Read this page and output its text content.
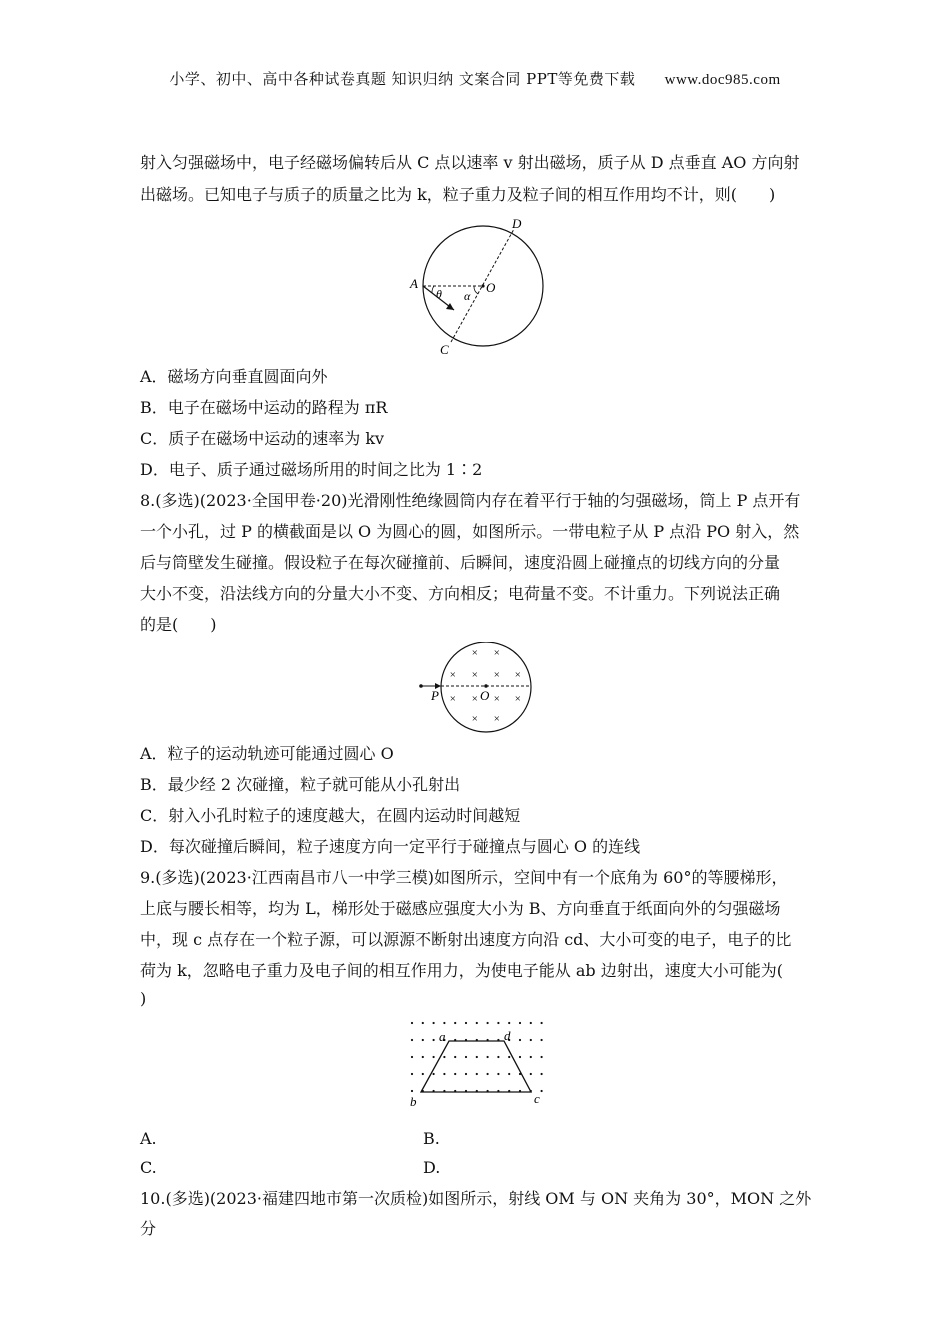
小学、初中、高中各种试卷真题 知识归纳 文案合同 PPT等免费下载 www.doc985.com
射入匀强磁场中，电子经磁场偏转后从 C 点以速率 v 射出磁场，质子从 D 点垂直 AO 方向射
出磁场。已知电子与质子的质量之比为 k，粒子重力及粒子间的相互作用均不计，则(　　)
A
D
O
C
θ α
A．磁场方向垂直圆面向外
B．电子在磁场中运动的路程为 πR
C．质子在磁场中运动的速率为 kv
D．电子、质子通过磁场所用的时间之比为 1∶2
8.(多选)(2023·全国甲卷·20)光滑刚性绝缘圆筒内存在着平行于轴的匀强磁场，筒上 P 点开有
一个小孔，过 P 的横截面是以 O 为圆心的圆，如图所示。一带电粒子从 P 点沿 PO 射入，然
后与筒壁发生碰撞。假设粒子在每次碰撞前、后瞬间，速度沿圆上碰撞点的切线方向的分量
大小不变，沿法线方向的分量大小不变、方向相反；电荷量不变。不计重力。下列说法正确
的是(　　)
× ×
× × × ×
× × × ×
× ×
P	O
A．粒子的运动轨迹可能通过圆心 O
B．最少经 2 次碰撞，粒子就可能从小孔射出
C．射入小孔时粒子的速度越大，在圆内运动时间越短
D．每次碰撞后瞬间，粒子速度方向一定平行于碰撞点与圆心 O 的连线
9.(多选)(2023·江西南昌市八一中学三模)如图所示，空间中有一个底角为 60°的等腰梯形，
上底与腰长相等，均为 L，梯形处于磁感应强度大小为 B、方向垂直于纸面向外的匀强磁场
中，现 c 点存在一个粒子源，可以源源不断射出速度方向沿 cd、大小可变的电子，电子的比
荷为 k，忽略电子重力及电子间的相互作用力，为使电子能从 ab 边射出，速度大小可能为(
)
a	d
b	c
A.	B.
C.	D.
10.(多选)(2023·福建四地市第一次质检)如图所示，射线 OM 与 ON 夹角为 30°，MON 之外分
